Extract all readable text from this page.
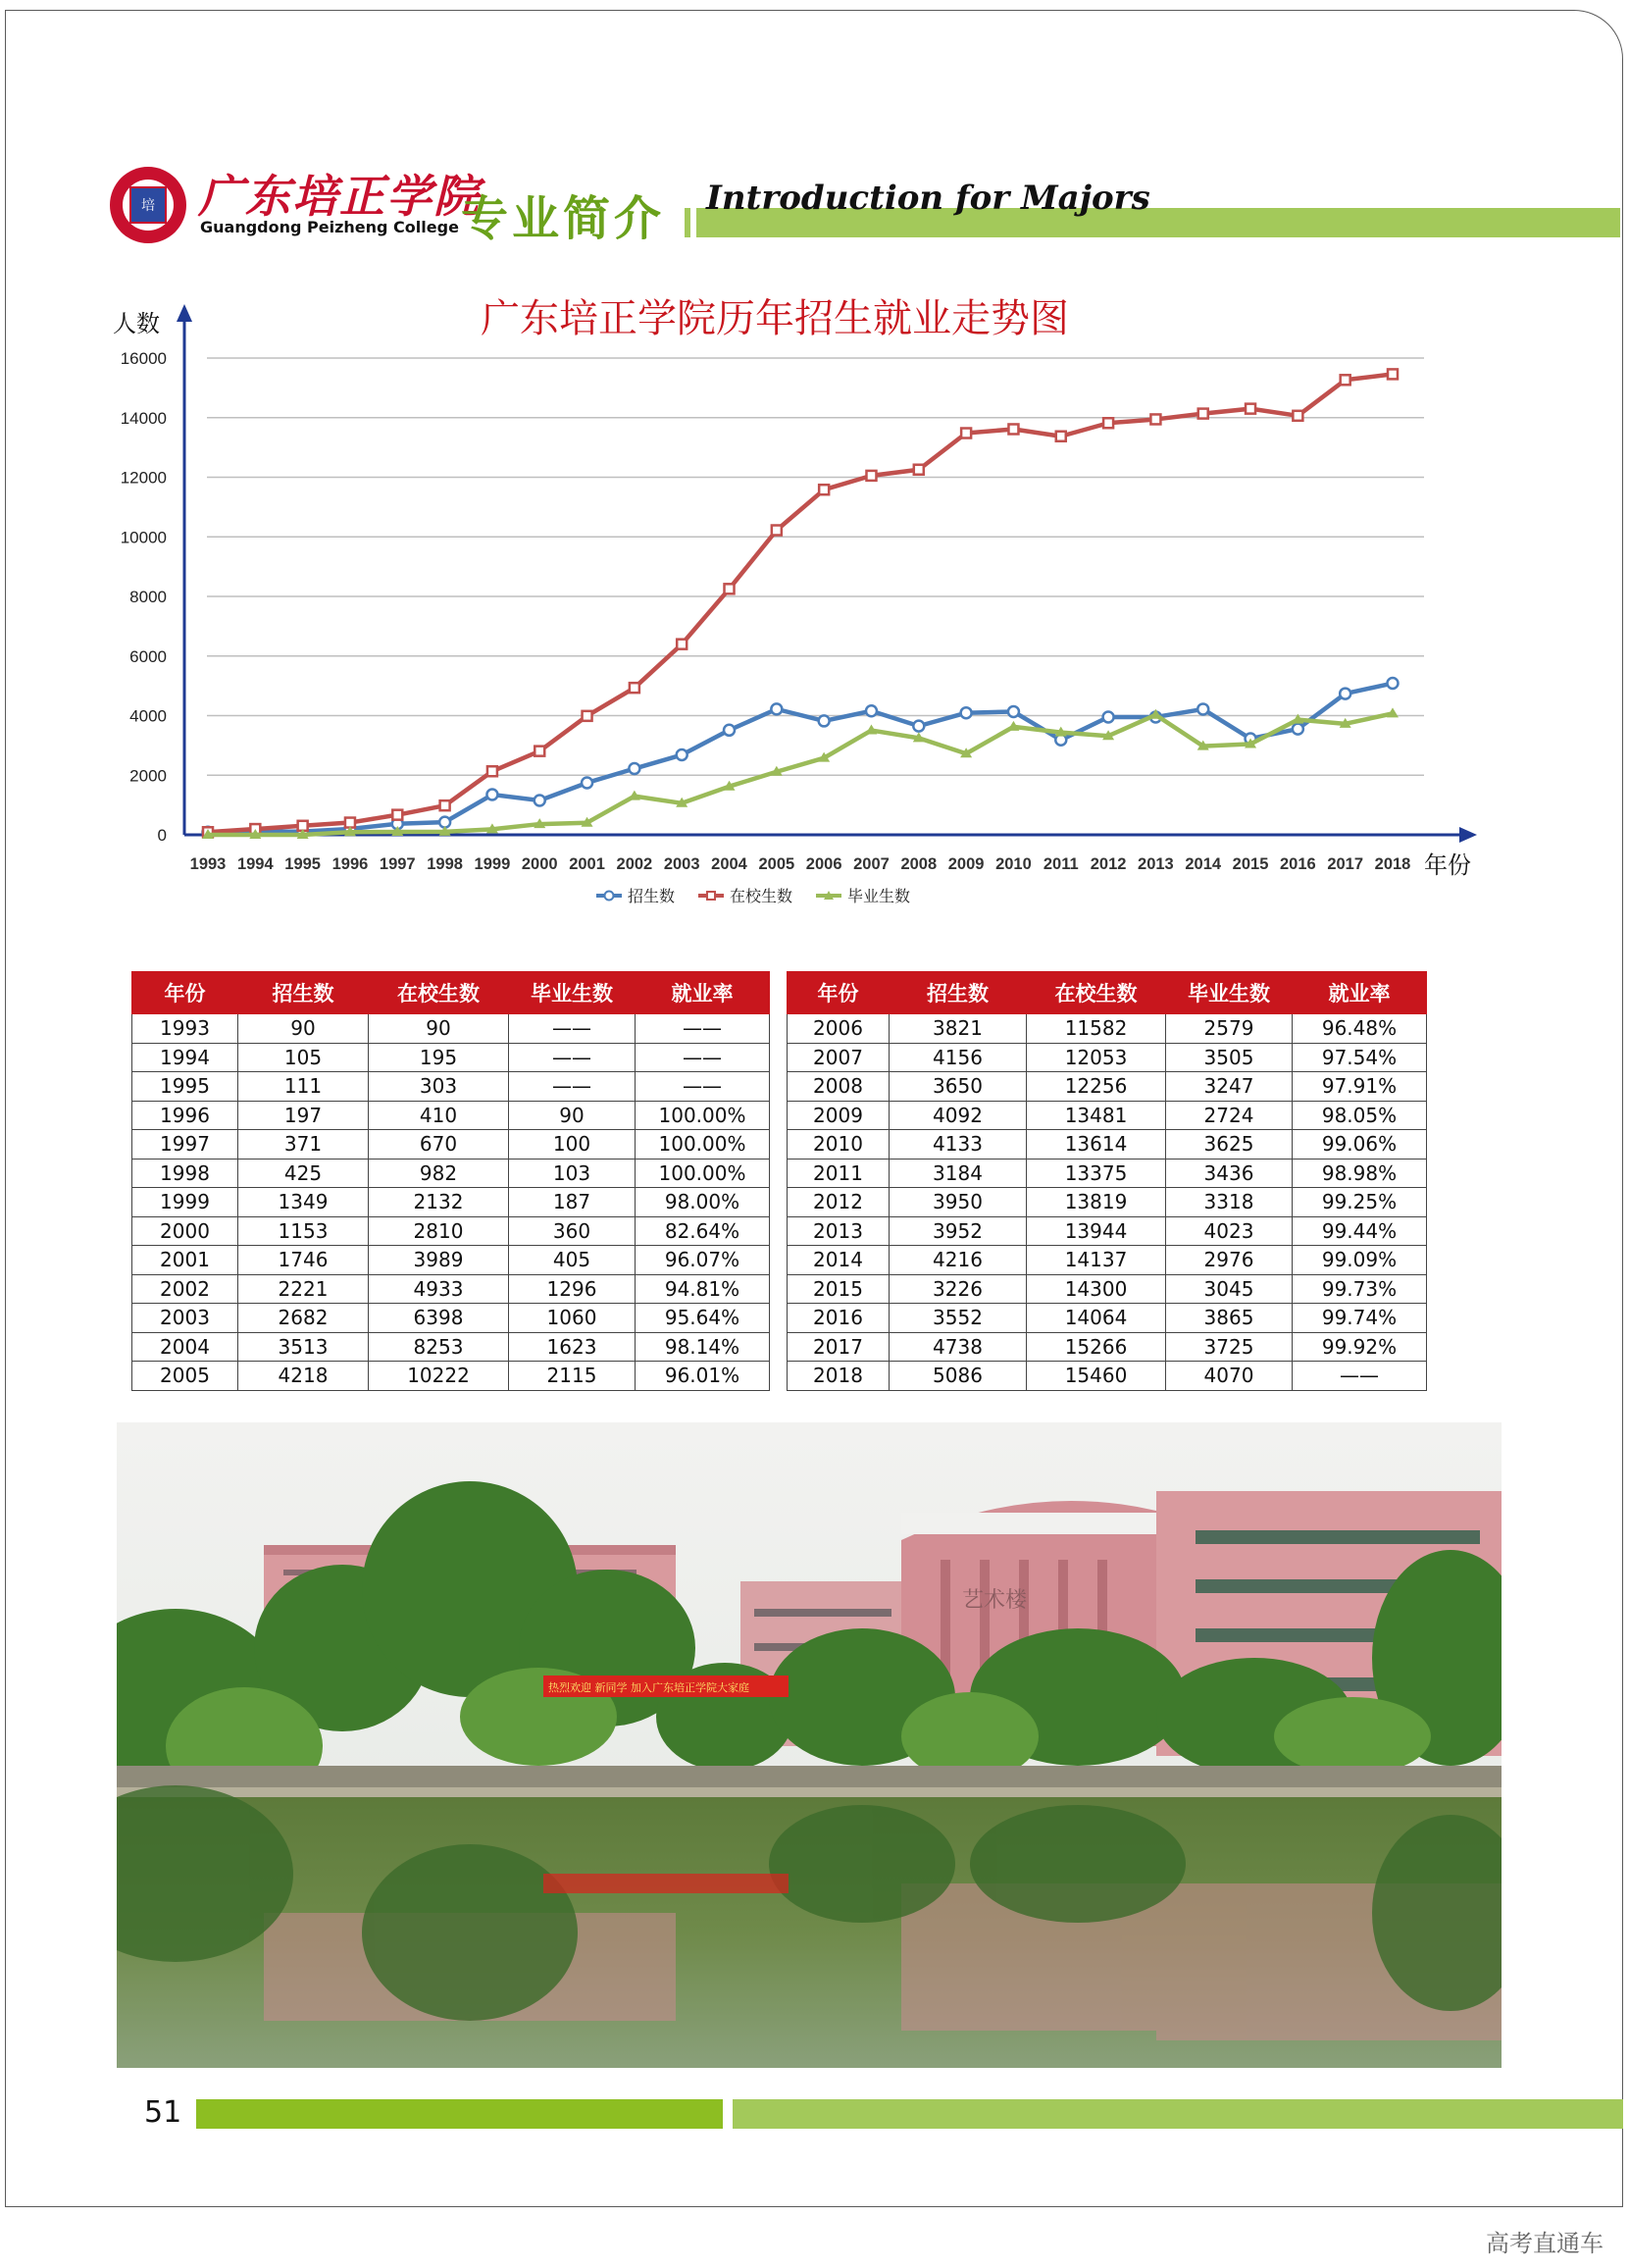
培 广东培正学院
Guangdong Peizheng College 专业简介 Introduction for Majors
0
2000
4000
6000
8000
10000
12000
14000
16000
1993 1994 1995 1996 1997 1998 1999 2000 2001 2002 2003 2004 2005 2006 2007 2008 2009 2010 2011 2012 2013 2014 2015 2016 2017 2018
人数
年份
广东培正学院历年招生就业走势图
招生数	在校生数	毕业生数
年份	招生数	在校生数	毕业生数	就业率
1993	90	90	——	——
1994	105	195	——	——
1995	111	303	——	——
1996	197	410	90	100.00%
1997	371	670	100	100.00%
1998	425	982	103	100.00%
1999	1349	2132	187	98.00%
2000	1153	2810	360	82.64%
2001	1746	3989	405	96.07%
2002	2221	4933	1296	94.81%
2003	2682	6398	1060	95.64%
2004	3513	8253	1623	98.14%
2005	4218	10222	2115	96.01%
年份	招生数	在校生数	毕业生数	就业率
2006	3821	11582	2579	96.48%
2007	4156	12053	3505	97.54%
2008	3650	12256	3247	97.91%
2009	4092	13481	2724	98.05%
2010	4133	13614	3625	99.06%
2011	3184	13375	3436	98.98%
2012	3950	13819	3318	99.25%
2013	3952	13944	4023	99.44%
2014	4216	14137	2976	99.09%
2015	3226	14300	3045	99.73%
2016	3552	14064	3865	99.74%
2017	4738	15266	3725	99.92%
2018	5086	15460	4070	——
艺术楼
热烈欢迎 新同学 加入广东培正学院大家庭
51
高考直通车
